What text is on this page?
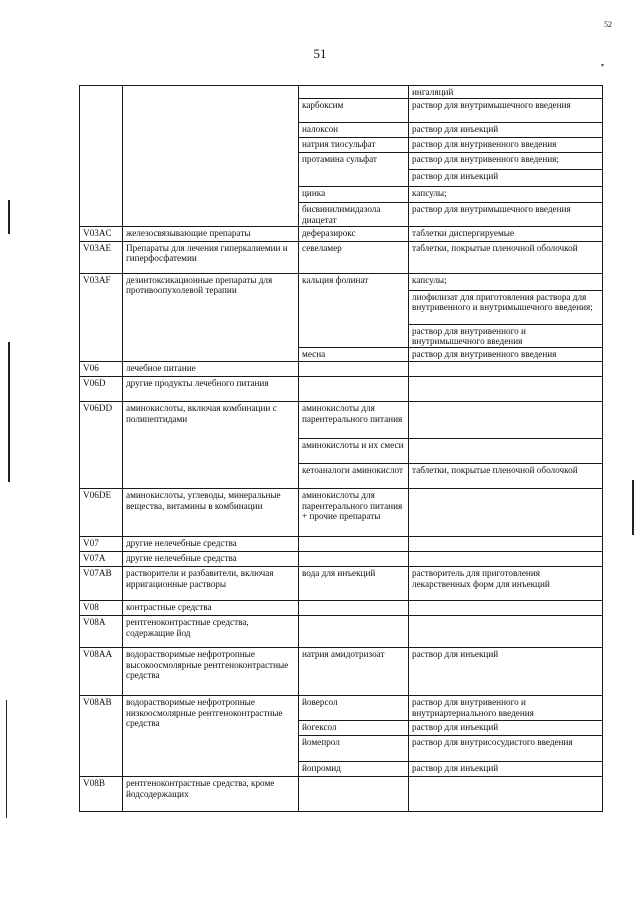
52
▾
51
			ингаляций
		карбоксим	раствор для внутримышечного введения
		налоксон	раствор для инъекций
		натрия тиосульфат	раствор для внутривенного введения
		протамина сульфат	раствор для внутривенного введения;
			раствор для инъекций
		цинка	капсулы;
		бисвинилимидазола диацетат	раствор для внутримышечного введения
V03AC	железосвязывающие препараты	деферазирокс	таблетки диспергируемые
V03AE	Препараты для лечения гиперкалиемии и гиперфосфатемии	севеламер	таблетки, покрытые пленочной оболочкой
V03AF	дезинтоксикационные препараты для противоопухолевой терапии	кальция фолинат	капсулы;
			лиофилизат для приготовления раствора для внутривенного и внутримышечного введения;
			раствор для внутривенного и внутримышечного введения
		месна	раствор для внутривенного введения
V06	лечебное питание		
V06D	другие продукты лечебного питания		
V06DD	аминокислоты, включая комбинации с полипептидами	аминокислоты для парентерального питания	
		аминокислоты и их смеси	
		кетоаналоги аминокислот	таблетки, покрытые пленочной оболочкой
V06DE	аминокислоты, углеводы, минеральные вещества, витамины в комбинации	аминокислоты для парентерального питания + прочие препараты	
V07	другие нелечебные средства		
V07A	другие нелечебные средства		
V07AB	растворители и разбавители, включая ирригационные растворы	вода для инъекций	растворитель для приготовления лекарственных форм для инъекций
V08	контрастные средства		
V08A	рентгеноконтрастные средства, содержащие йод		
V08AA	водорастворимые нефротропные высокоосмолярные рентгеноконтрастные средства	натрия амидотризоат	раствор для инъекций
V08AB	водорастворимые нефротропные низкоосмолярные рентгеноконтрастные средства	йоверсол	раствор для внутривенного и внутриартериального введения
		йогексол	раствор для инъекций
		йомепрол	раствор для внутрисосудистого введения
		йопромид	раствор для инъекций
V08B	рентгеноконтрастные средства, кроме йодсодержащих		
